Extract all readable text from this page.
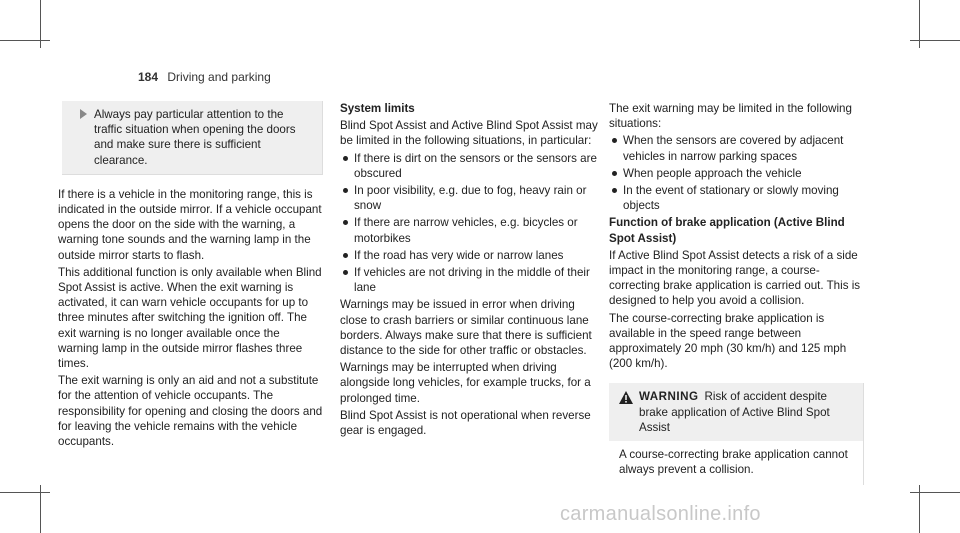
184 Driving and parking
Always pay particular attention to the traffic situation when opening the doors and make sure there is sufficient clearance.

If there is a vehicle in the monitoring range, this is indicated in the outside mirror. If a vehicle occupant opens the door on the side with the warning, a warning tone sounds and the warning lamp in the outside mirror starts to flash.

This additional function is only available when Blind Spot Assist is active. When the exit warning is activated, it can warn vehicle occupants for up to three minutes after switching the ignition off. The exit warning is no longer available once the warning lamp in the outside mirror flashes three times.

The exit warning is only an aid and not a substitute for the attention of vehicle occupants. The responsibility for opening and closing the doors and for leaving the vehicle remains with the vehicle occupants.

System limits

Blind Spot Assist and Active Blind Spot Assist may be limited in the following situations, in particular:

If there is dirt on the sensors or the sensors are obscured
In poor visibility, e.g. due to fog, heavy rain or snow
If there are narrow vehicles, e.g. bicycles or motorbikes
If the road has very wide or narrow lanes
If vehicles are not driving in the middle of their lane

Warnings may be issued in error when driving close to crash barriers or similar continuous lane borders. Always make sure that there is sufficient distance to the side for other traffic or obstacles.

Warnings may be interrupted when driving alongside long vehicles, for example trucks, for a prolonged time.

Blind Spot Assist is not operational when reverse gear is engaged.

The exit warning may be limited in the following situations:

When the sensors are covered by adjacent vehicles in narrow parking spaces
When people approach the vehicle
In the event of stationary or slowly moving objects

Function of brake application (Active Blind Spot Assist)

If Active Blind Spot Assist detects a risk of a side impact in the monitoring range, a course-correcting brake application is carried out. This is designed to help you avoid a collision.

The course-correcting brake application is available in the speed range between approximately 20 mph (30 km/h) and 125 mph (200 km/h).

WARNING Risk of accident despite brake application of Active Blind Spot Assist
A course-correcting brake application cannot always prevent a collision.
carmanualsonline.info
